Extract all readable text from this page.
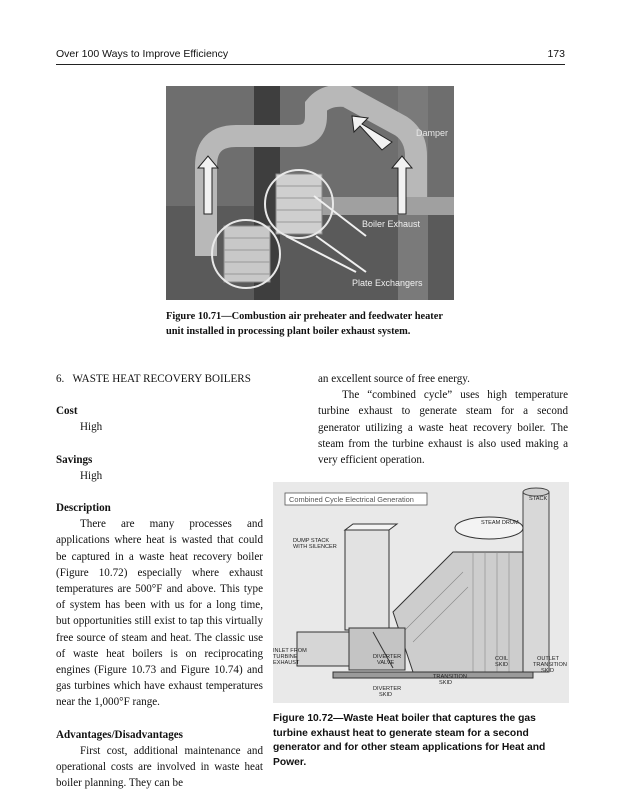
Over 100 Ways to Improve Efficiency	173
Damper
Boiler Exhaust
Plate Exchangers
Figure 10.71—Combustion air preheater and feedwater heater
unit installed in processing plant boiler exhaust system.

6.   WASTE HEAT RECOVERY BOILERS

Cost

High

Savings

High

Description

There are many processes and applications where heat is wasted that could be captured in a waste heat recovery boiler (Figure 10.72) especially where exhaust temperatures are 500°F and above. This type of system has been with us for a long time, but opportunities still exist to tap this virtually free source of steam and heat. The classic use of waste heat boilers is on reciprocating engines (Figure 10.73 and Figure 10.74) and gas turbines which have exhaust temperatures near the 1,000°F range.

Advantages/Disadvantages

First cost, additional maintenance and operational costs are involved in waste heat boiler planning. They can be

an excellent source of free energy.

The “combined cycle” uses high temperature turbine exhaust to generate steam for a second generator utilizing a waste heat recovery boiler. The steam from the turbine exhaust is also used making a very efficient operation.

Combined Cycle Electrical Generation	STACK
STEAM DRUM
DUMP STACK
WITH SILENCER
INLET FROM
TURBINE
EXHAUST
DIVERTER
VALVE
COIL
SKID
OUTLET
TRANSITION
SKID
TRANSITION
SKID
DIVERTER
SKID
Figure 10.72—Waste Heat boiler that captures the gas turbine exhaust heat to generate steam for a second generator and for other steam applications for Heat and Power.
